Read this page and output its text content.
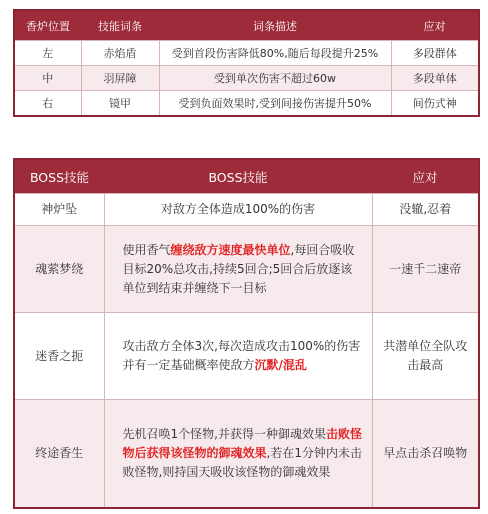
香炉位置	技能词条	词条描述	应对
左	赤焰盾	受到首段伤害降低80%,随后每段提升25%	多段群体
中	羽屏障	受到单次伤害不超过60w	多段单体
右	镜甲	受到负面效果时,受到间接伤害提升50%	间伤式神
BOSS技能	BOSS技能	应对
神炉坠	对敌方全体造成100%的伤害	没辙,忍着
魂萦梦绕	使用香气缠绕敌方速度最快单位,每回合吸收目标20%总攻击,持续5回合;5回合后放逐该单位到结束并缠绕下一目标	一速千二速帝
迷香之扼	攻击敌方全体3次,每次造成攻击100%的伤害并有一定基础概率使敌方沉默/混乱	共潜单位全队攻击最高
终途香生	先机召唤1个怪物,并获得一种御魂效果击败怪物后获得该怪物的御魂效果,若在1分钟内未击败怪物,则持国天吸收该怪物的御魂效果	早点击杀召唤物
